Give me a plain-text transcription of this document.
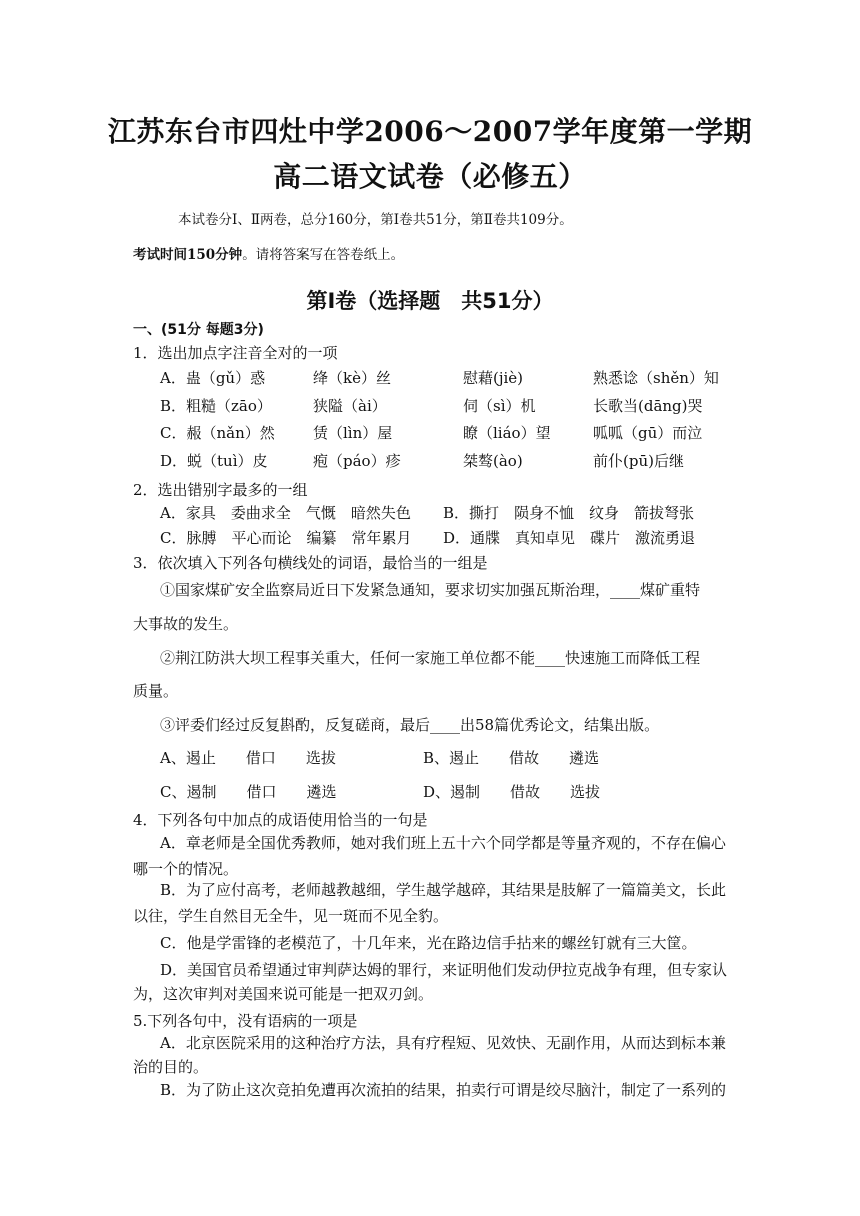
江苏东台市四灶中学2006～2007学年度第一学期
高二语文试卷（必修五）
本试卷分Ⅰ、Ⅱ两卷，总分160分，第Ⅰ卷共51分，第Ⅱ卷共109分。
考试时间150分钟。请将答案写在答卷纸上。
第Ⅰ卷（选择题　共51分）
一、(51分 每题3分)
1．选出加点字注音全对的一项
A．蛊（gǔ）惑	绛（kè）丝	慰藉(jiè)	熟悉谂（shěn）知
B．粗糙（zāo）	狭隘（ài）	伺（sì）机	长歌当(dāng)哭
C．赧（nǎn）然	赁（lìn）屋	瞭（liáo）望	呱呱（gū）而泣
D．蜕（tuì）皮	疱（páo）疹	桀骜(ào)	前仆(pū)后继
2．选出错别字最多的一组
A．家具　委曲求全　气慨　暗然失色 B．撕打　陨身不恤　纹身　箭拔弩张
C．脉膊　平心而论　编纂　常年累月 D．通牒　真知卓见　碟片　激流勇退
3．依次填入下列各句横线处的词语，最恰当的一组是
①国家煤矿安全监察局近日下发紧急通知，要求切实加强瓦斯治理，____煤矿重特
大事故的发生。
②荆江防洪大坝工程事关重大，任何一家施工单位都不能____快速施工而降低工程
质量。
③评委们经过反复斟酌，反复磋商，最后____出58篇优秀论文，结集出版。
A、遏止　　借口　　选拔	B、遏止　　借故　　遴选
C、遏制　　借口　　遴选	D、遏制　　借故　　选拔
4．下列各句中加点的成语使用恰当的一句是
A．章老师是全国优秀教师，她对我们班上五十六个同学都是等量齐观的，不存在偏心
哪一个的情况。
B．为了应付高考，老师越教越细，学生越学越碎，其结果是肢解了一篇篇美文，长此
以往，学生自然目无全牛，见一斑而不见全豹。
C．他是学雷锋的老模范了，十几年来，光在路边信手拈来的螺丝钉就有三大筐。
D．美国官员希望通过审判萨达姆的罪行，来证明他们发动伊拉克战争有理，但专家认
为，这次审判对美国来说可能是一把双刃剑。
5.下列各句中，没有语病的一项是
A．北京医院采用的这种治疗方法，具有疗程短、见效快、无副作用，从而达到标本兼
治的目的。
B．为了防止这次竞拍免遭再次流拍的结果，拍卖行可谓是绞尽脑汁，制定了一系列的
